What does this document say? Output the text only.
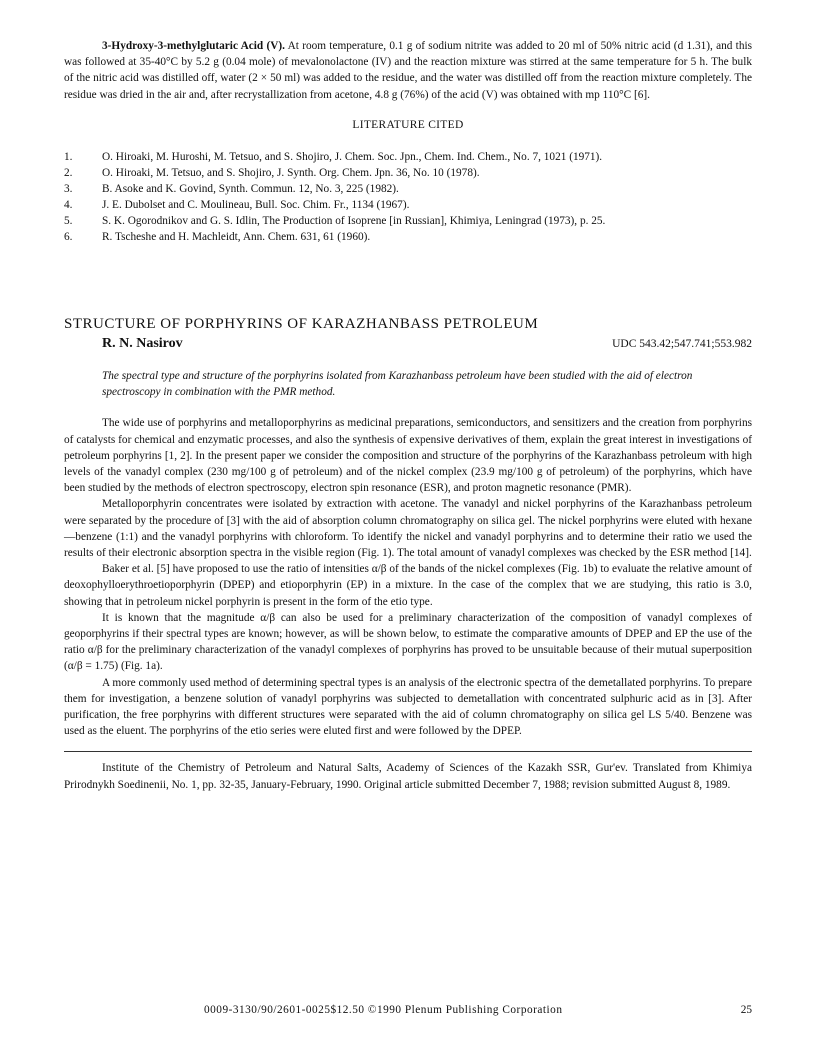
3-Hydroxy-3-methylglutaric Acid (V). At room temperature, 0.1 g of sodium nitrite was added to 20 ml of 50% nitric acid (d 1.31), and this was followed at 35-40°C by 5.2 g (0.04 mole) of mevalonolactone (IV) and the reaction mixture was stirred at the same temperature for 5 h. The bulk of the nitric acid was distilled off, water (2 × 50 ml) was added to the residue, and the water was distilled off from the reaction mixture completely. The residue was dried in the air and, after recrystallization from acetone, 4.8 g (76%) of the acid (V) was obtained with mp 110°C [6].

LITERATURE CITED
1.	O. Hiroaki, M. Huroshi, M. Tetsuo, and S. Shojiro, J. Chem. Soc. Jpn., Chem. Ind. Chem., No. 7, 1021 (1971).
2.	O. Hiroaki, M. Tetsuo, and S. Shojiro, J. Synth. Org. Chem. Jpn. 36, No. 10 (1978).
3.	B. Asoke and K. Govind, Synth. Commun. 12, No. 3, 225 (1982).
4.	J. E. Dubolset and C. Moulineau, Bull. Soc. Chim. Fr., 1134 (1967).
5.	S. K. Ogorodnikov and G. S. Idlin, The Production of Isoprene [in Russian], Khimiya, Leningrad (1973), p. 25.
6.	R. Tscheshe and H. Machleidt, Ann. Chem. 631, 61 (1960).
STRUCTURE OF PORPHYRINS OF KARAZHANBASS PETROLEUM
R. N. Nasirov	UDC 543.42;547.741;553.982

The spectral type and structure of the porphyrins isolated from Karazhanbass petroleum have been studied with the aid of electron spectroscopy in combination with the PMR method.

The wide use of porphyrins and metalloporphyrins as medicinal preparations, semiconductors, and sensitizers and the creation from porphyrins of catalysts for chemical and enzymatic processes, and also the synthesis of expensive derivatives of them, explain the great interest in investigations of petroleum porphyrins [1, 2]. In the present paper we consider the composition and structure of the porphyrins of the Karazhanbass petroleum with high levels of the vanadyl complex (230 mg/100 g of petroleum) and of the nickel complex (23.9 mg/100 g of petroleum) of the porphyrins, which have been studied by the methods of electron spectroscopy, electron spin resonance (ESR), and proton magnetic resonance (PMR).

Metalloporphyrin concentrates were isolated by extraction with acetone. The vanadyl and nickel porphyrins of the Karazhanbass petroleum were separated by the procedure of [3] with the aid of absorption column chromatography on silica gel. The nickel porphyrins were eluted with hexane—benzene (1:1) and the vanadyl porphyrins with chloroform. To identify the nickel and vanadyl porphyrins and to determine their ratio we used the results of their electronic absorption spectra in the visible region (Fig. 1). The total amount of vanadyl complexes was checked by the ESR method [14].

Baker et al. [5] have proposed to use the ratio of intensities α/β of the bands of the nickel complexes (Fig. 1b) to evaluate the relative amount of deoxophylloerythroetioporphyrin (DPEP) and etioporphyrin (EP) in a mixture. In the case of the complex that we are studying, this ratio is 3.0, showing that in petroleum nickel porphyrin is present in the form of the etio type.

It is known that the magnitude α/β can also be used for a preliminary characterization of the composition of vanadyl complexes of geoporphyrins if their spectral types are known; however, as will be shown below, to estimate the comparative amounts of DPEP and EP the use of the ratio α/β for the preliminary characterization of the vanadyl complexes of porphyrins has proved to be unsuitable because of their mutual superposition (α/β = 1.75) (Fig. 1a).

A more commonly used method of determining spectral types is an analysis of the electronic spectra of the demetallated porphyrins. To prepare them for investigation, a benzene solution of vanadyl porphyrins was subjected to demetallation with concentrated sulphuric acid as in [3]. After purification, the free porphyrins with different structures were separated with the aid of column chromatography on silica gel LS 5/40. Benzene was used as the eluent. The porphyrins of the etio series were eluted first and were followed by the DPEP.

Institute of the Chemistry of Petroleum and Natural Salts, Academy of Sciences of the Kazakh SSR, Gur'ev. Translated from Khimiya Prirodnykh Soedinenii, No. 1, pp. 32-35, January-February, 1990. Original article submitted December 7, 1988; revision submitted August 8, 1989.

0009-3130/90/2601-0025$12.50 ©1990 Plenum Publishing Corporation	25
